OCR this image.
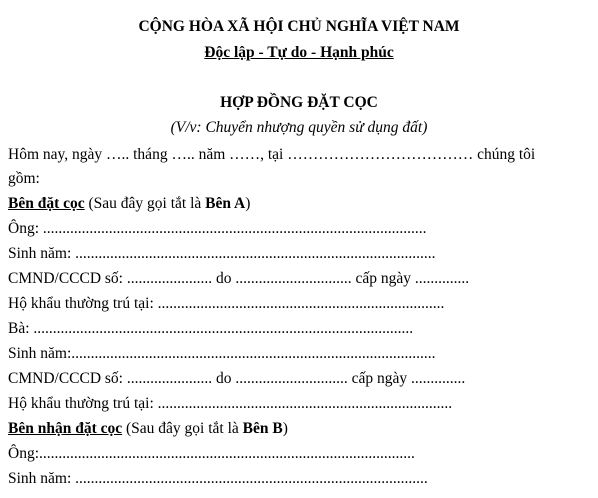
CỘNG HÒA XÃ HỘI CHỦ NGHĨA VIỆT NAM
Độc lập - Tự do - Hạnh phúc
HỢP ĐỒNG ĐẶT CỌC
(V/v: Chuyển nhượng quyền sử dụng đất)
Hôm nay, ngày ….. tháng ….. năm ……, tại ……………………………… chúng tôi
gồm:
Bên đặt cọc (Sau đây gọi tắt là Bên A)
Ông: ...................................................................................................
Sinh năm: .............................................................................................
CMND/CCCD số: ...................... do .............................. cấp ngày ..............
Hộ khẩu thường trú tại: ..........................................................................
Bà: ..................................................................................................
Sinh năm:..............................................................................................
CMND/CCCD số: ...................... do ............................. cấp ngày ..............
Hộ khẩu thường trú tại: ............................................................................
Bên nhận đặt cọc (Sau đây gọi tắt là Bên B)
Ông:.................................................................................................
Sinh năm: ...........................................................................................
